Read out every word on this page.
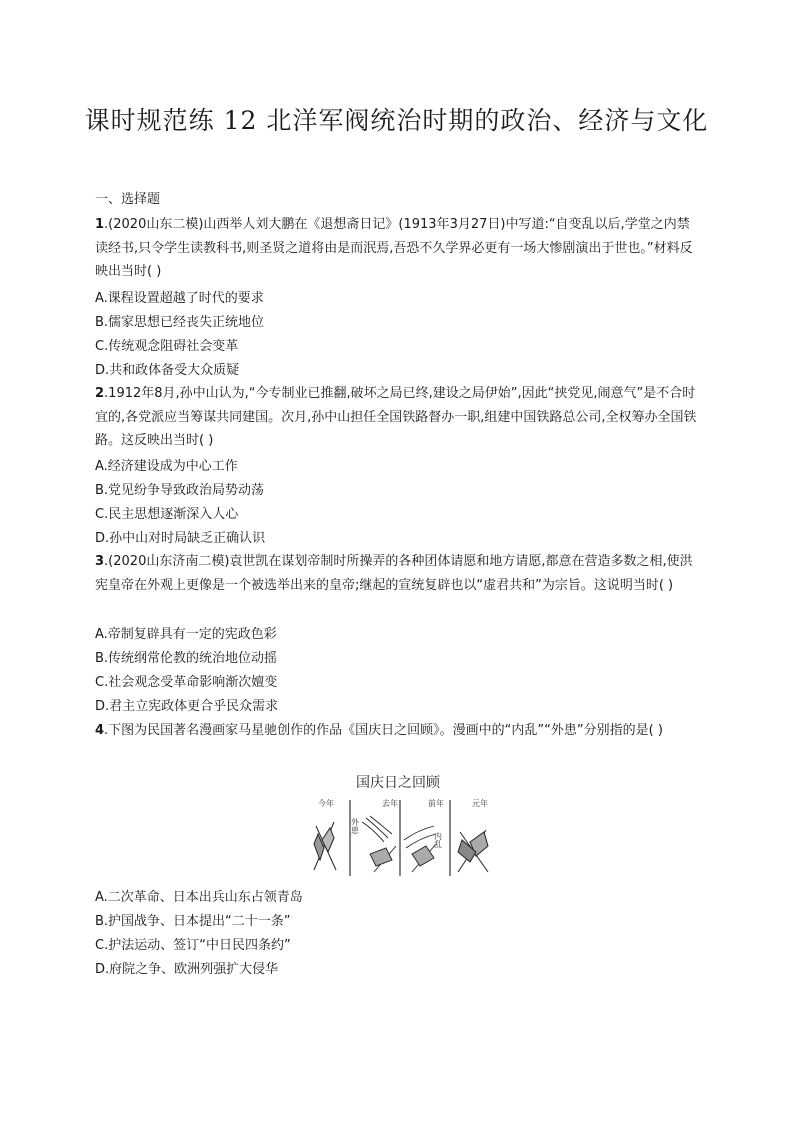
课时规范练 12 北洋军阀统治时期的政治、经济与文化
一、选择题
1.(2020山东二模)山西举人刘大鹏在《退想斋日记》(1913年3月27日)中写道:“自变乱以后,学堂之内禁读经书,只令学生读教科书,则圣贤之道将由是而泯焉,吾恐不久学界必更有一场大惨剧演出于世也。”材料反映出当时( )
A.课程设置超越了时代的要求
B.儒家思想已经丧失正统地位
C.传统观念阻碍社会变革
D.共和政体备受大众质疑
2.1912年8月,孙中山认为,“今专制业已推翻,破坏之局已终,建设之局伊始”,因此“挟党见,闹意气”是不合时宜的,各党派应当筹谋共同建国。次月,孙中山担任全国铁路督办一职,组建中国铁路总公司,全权筹办全国铁路。这反映出当时( )
A.经济建设成为中心工作
B.党见纷争导致政治局势动荡
C.民主思想逐渐深入人心
D.孙中山对时局缺乏正确认识
3.(2020山东济南二模)袁世凯在谋划帝制时所操弄的各种团体请愿和地方请愿,都意在营造多数之相,使洪宪皇帝在外观上更像是一个被选举出来的皇帝;继起的宣统复辟也以“虚君共和”为宗旨。这说明当时( )
A.帝制复辟具有一定的宪政色彩
B.传统纲常伦教的统治地位动摇
C.社会观念受革命影响渐次嬗变
D.君主立宪政体更合乎民众需求
4.下图为民国著名漫画家马星驰创作的作品《国庆日之回顾》。漫画中的“内乱”“外患”分别指的是( )
国庆日之回顾
今年	去年	前年	元年
外患
内乱
A.二次革命、日本出兵山东占领青岛
B.护国战争、日本提出“二十一条”
C.护法运动、签订“中日民四条约”
D.府院之争、欧洲列强扩大侵华
